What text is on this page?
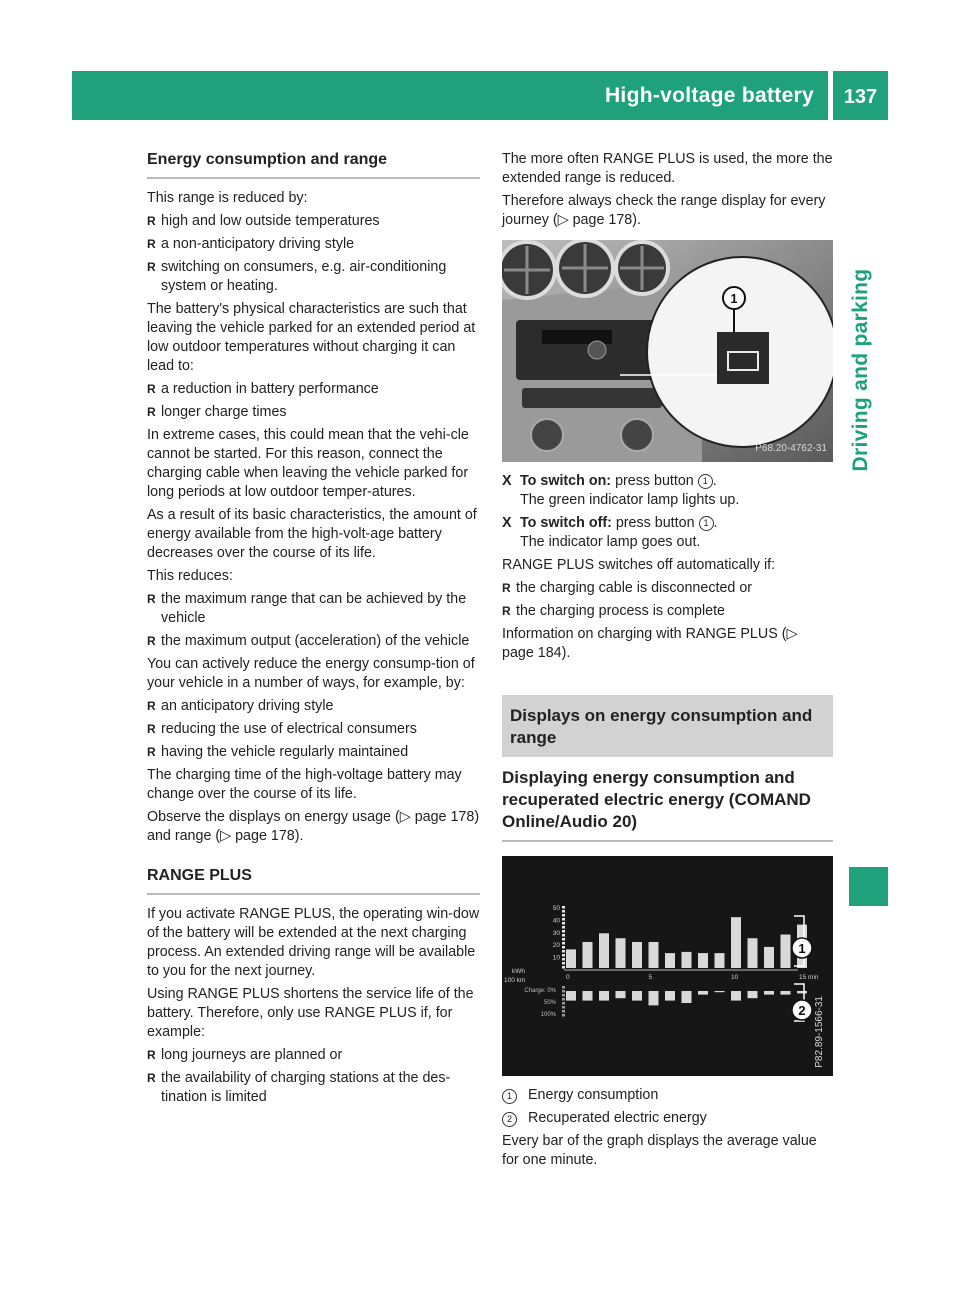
High-voltage battery	137
Driving and parking
Energy consumption and range

This range is reduced by:

R high and low outside temperatures
R a non-anticipatory driving style
R switching on consumers, e.g. air-conditioning system or heating.

The battery's physical characteristics are such that leaving the vehicle parked for an extended period at low outdoor temperatures without charging it can lead to:

R a reduction in battery performance
R longer charge times

In extreme cases, this could mean that the vehi-cle cannot be started. For this reason, connect the charging cable when leaving the vehicle parked for long periods at low outdoor temper-atures.

As a result of its basic characteristics, the amount of energy available from the high-volt-age battery decreases over the course of its life.

This reduces:

R the maximum range that can be achieved by the vehicle
R the maximum output (acceleration) of the vehicle

You can actively reduce the energy consump-tion of your vehicle in a number of ways, for example, by:

R an anticipatory driving style
R reducing the use of electrical consumers
R having the vehicle regularly maintained

The charging time of the high-voltage battery may change over the course of its life.

Observe the displays on energy usage (▷ page 178) and range (▷ page 178).

RANGE PLUS

If you activate RANGE PLUS, the operating win-dow of the battery will be extended at the next charging process. An extended driving range will be available to you for the next journey.

Using RANGE PLUS shortens the service life of the battery. Therefore, only use RANGE PLUS if, for example:

R long journeys are planned or
R the availability of charging stations at the des-tination is limited

The more often RANGE PLUS is used, the more the extended range is reduced.

Therefore always check the range display for every journey (▷ page 178).

1
P68.20-4762-31
X To switch on: press button 1 .
The green indicator lamp lights up.
X To switch off: press button 1 .
The indicator lamp goes out.

RANGE PLUS switches off automatically if:

R the charging cable is disconnected or
R the charging process is complete

Information on charging with RANGE PLUS (▷ page 184).

Displays on energy consumption and range
Displaying energy consumption and recuperated electric energy (COMAND Online/Audio 20)
50
40
30
20
10
kWh
100 km	0	5	10	15 min
Charge: 0%
50%
100%
1
2 P82.89-1566-31
1	Energy consumption
2	Recuperated electric energy

Every bar of the graph displays the average value for one minute.
